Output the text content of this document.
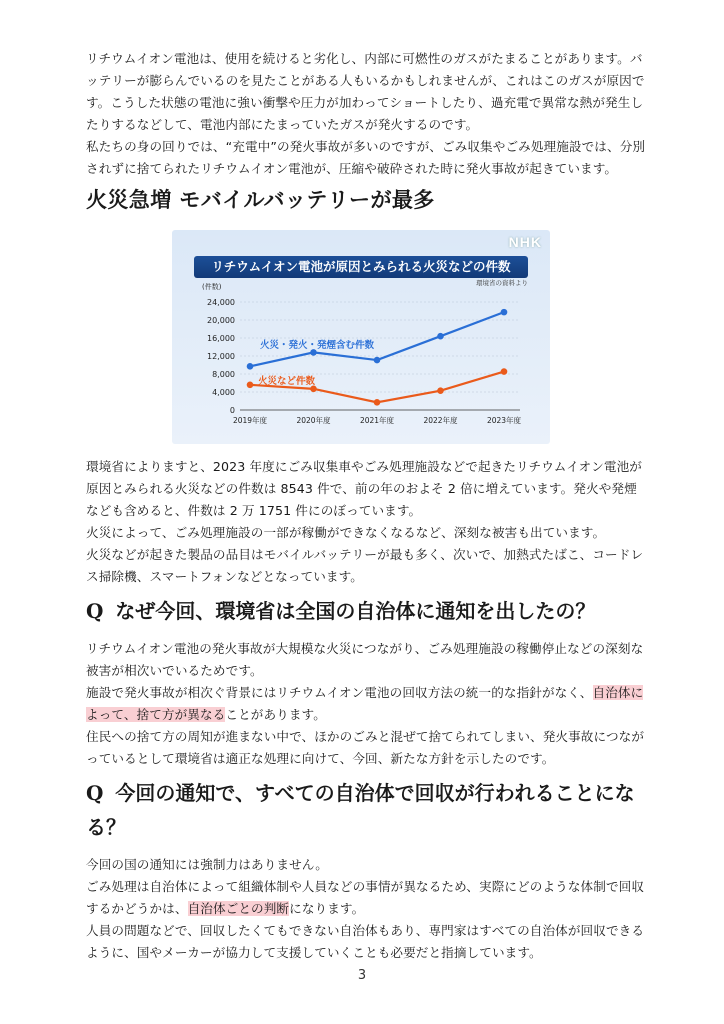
リチウムイオン電池は、使用を続けると劣化し、内部に可燃性のガスがたまることがあります。バッテリーが膨らんでいるのを見たことがある人もいるかもしれませんが、これはこのガスが原因です。こうした状態の電池に強い衝撃や圧力が加わってショートしたり、過充電で異常な熱が発生したりするなどして、電池内部にたまっていたガスが発火するのです。

私たちの身の回りでは、“充電中”の発火事故が多いのですが、ごみ収集やごみ処理施設では、分別されずに捨てられたリチウムイオン電池が、圧縮や破砕された時に発火事故が起きています。

火災急増 モバイルバッテリーが最多
NHK
リチウムイオン電池が原因とみられる火災などの件数
環境省の資料より
(件数)
24,000
20,000
16,000
12,000
8,000
4,000
0
2019年度	2020年度	2021年度	2022年度	2023年度
火災・発火・発煙含む件数
火災など件数

環境省によりますと、2023 年度にごみ収集車やごみ処理施設などで起きたリチウムイオン電池が原因とみられる火災などの件数は 8543 件で、前の年のおよそ 2 倍に増えています。発火や発煙なども含めると、件数は 2 万 1751 件にのぼっています。

火災によって、ごみ処理施設の一部が稼働ができなくなるなど、深刻な被害も出ています。

火災などが起きた製品の品目はモバイルバッテリーが最も多く、次いで、加熱式たばこ、コードレス掃除機、スマートフォンなどとなっています。

Q なぜ今回、環境省は全国の自治体に通知を出したの？

リチウムイオン電池の発火事故が大規模な火災につながり、ごみ処理施設の稼働停止などの深刻な被害が相次いでいるためです。

施設で発火事故が相次ぐ背景にはリチウムイオン電池の回収方法の統一的な指針がなく、自治体によって、捨て方が異なることがあります。

住民への捨て方の周知が進まない中で、ほかのごみと混ぜて捨てられてしまい、発火事故につながっているとして環境省は適正な処理に向けて、今回、新たな方針を示したのです。

Q 今回の通知で、すべての自治体で回収が行われることになる？

今回の国の通知には強制力はありません。

ごみ処理は自治体によって組織体制や人員などの事情が異なるため、実際にどのような体制で回収するかどうかは、自治体ごとの判断になります。

人員の問題などで、回収したくてもできない自治体もあり、専門家はすべての自治体が回収できるように、国やメーカーが協力して支援していくことも必要だと指摘しています。

3
